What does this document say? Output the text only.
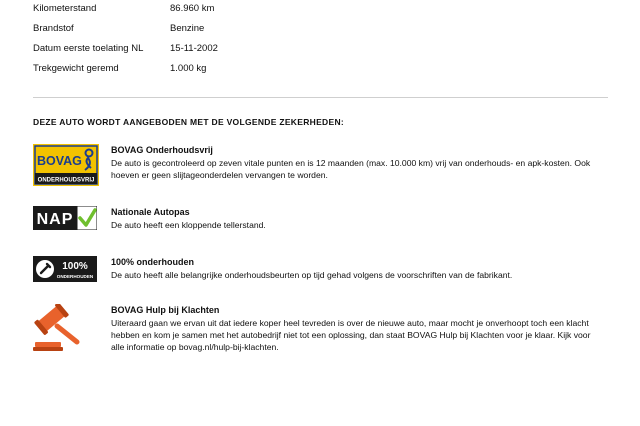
Kilometerstand	86.960 km
Brandstof	Benzine
Datum eerste toelating NL	15-11-2002
Trekgewicht geremd	1.000 kg
DEZE AUTO WORDT AANGEBODEN MET DE VOLGENDE ZEKERHEDEN:
BOVAG
ONDERHOUDSVRIJ
BOVAG Onderhoudsvrij
De auto is gecontroleerd op zeven vitale punten en is 12 maanden (max. 10.000 km) vrij van onderhouds- en apk-kosten. Ook hoeven er geen slijtageonderdelen vervangen te worden.
NAP	Nationale Autopas
De auto heeft een kloppende tellerstand.
100%
ONDERHOUDEN
100% onderhouden
De auto heeft alle belangrijke onderhoudsbeurten op tijd gehad volgens de voorschriften van de fabrikant.
BOVAG Hulp bij Klachten
Uiteraard gaan we ervan uit dat iedere koper heel tevreden is over de nieuwe auto, maar mocht je onverhoopt toch een klacht hebben en kom je samen met het autobedrijf niet tot een oplossing, dan staat BOVAG Hulp bij Klachten voor je klaar. Kijk voor alle informatie op bovag.nl/hulp-bij-klachten.
